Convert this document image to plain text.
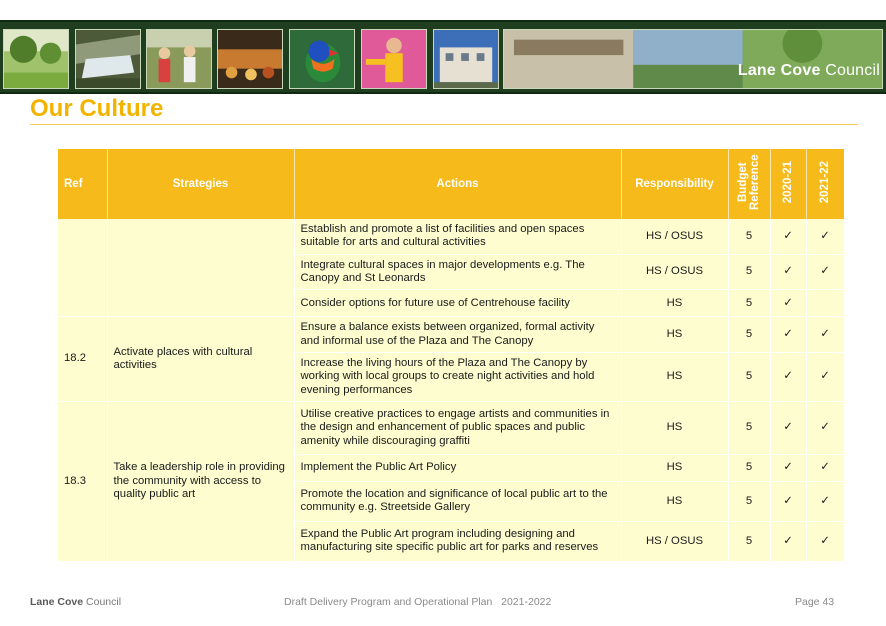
Lane Cove Council
Our Culture
Ref	Strategies	Actions	Responsibility	Budget Reference	2020-21	2021-22
		Establish and promote a list of facilities and open spaces suitable for arts and cultural activities	HS / OSUS	5	✓	✓
		Integrate cultural spaces in major developments e.g. The Canopy and St Leonards	HS / OSUS	5	✓	✓
		Consider options for future use of Centrehouse facility	HS	5	✓	
18.2	Activate places with cultural activities	Ensure a balance exists between organized, formal activity and informal use of the Plaza and The Canopy	HS	5	✓	✓
		Increase the living hours of the Plaza and The Canopy by working with local groups to create night activities and hold evening performances	HS	5	✓	✓
18.3	Take a leadership role in providing the community with access to quality public art	Utilise creative practices to engage artists and communities in the design and enhancement of public spaces and public amenity while discouraging graffiti	HS	5	✓	✓
		Implement the Public Art Policy	HS	5	✓	✓
		Promote the location and significance of local public art to the community e.g. Streetside Gallery	HS	5	✓	✓
		Expand the Public Art program including designing and manufacturing site specific public art for parks and reserves	HS / OSUS	5	✓	✓
Lane Cove Council	Draft Delivery Program and Operational Plan 2021-2022	Page 43
